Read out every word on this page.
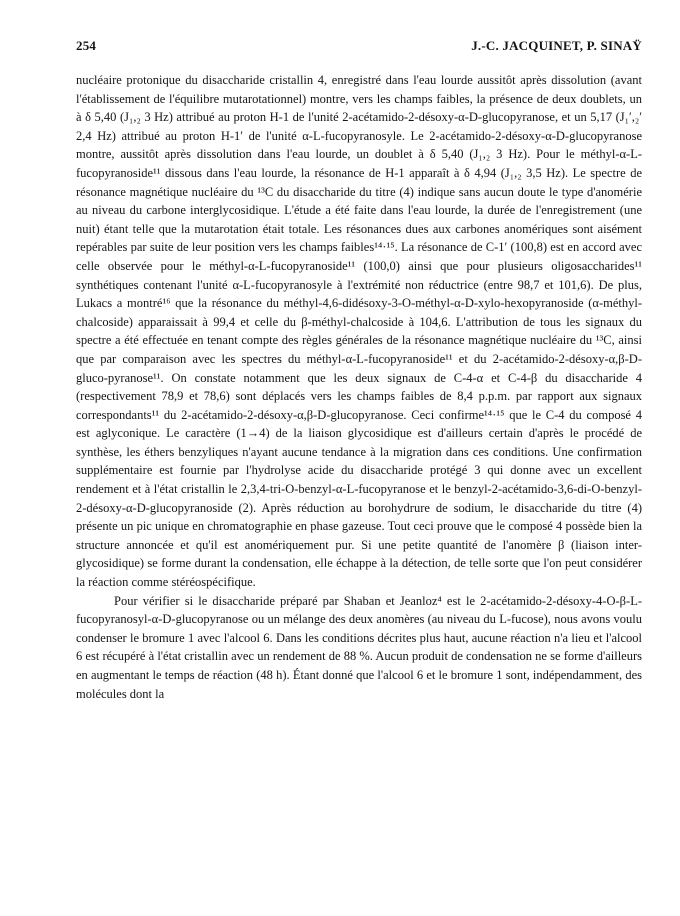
254	J.-C. JACQUINET, P. SINAŸ

nucléaire protonique du disaccharide cristallin 4, enregistré dans l'eau lourde aussitôt après dissolution (avant l'établissement de l'équilibre mutarotationnel) montre, vers les champs faibles, la présence de deux doublets, un à δ 5,40 (J₁,₂ 3 Hz) attribué au proton H-1 de l'unité 2-acétamido-2-désoxy-α-D-glucopyranose, et un 5,17 (J₁′,₂′ 2,4 Hz) attribué au proton H-1′ de l'unité α-L-fucopyranosyle. Le 2-acétamido-2-désoxy-α-D-glucopyranose montre, aussitôt après dissolution dans l'eau lourde, un doublet à δ 5,40 (J₁,₂ 3 Hz). Pour le méthyl-α-L-fucopyranoside¹¹ dissous dans l'eau lourde, la résonance de H-1 apparaît à δ 4,94 (J₁,₂ 3,5 Hz). Le spectre de résonance magnétique nucléaire du ¹³C du disaccharide du titre (4) indique sans aucun doute le type d'anomérie au niveau du carbone interglycosidique. L'étude a été faite dans l'eau lourde, la durée de l'enregistrement (une nuit) étant telle que la mutarotation était totale. Les résonances dues aux carbones anomériques sont aisément repérables par suite de leur position vers les champs faibles¹⁴·¹⁵. La résonance de C-1′ (100,8) est en accord avec celle observée pour le méthyl-α-L-fucopyranoside¹¹ (100,0) ainsi que pour plusieurs oligosaccharides¹¹ synthétiques contenant l'unité α-L-fucopyranosyle à l'extrémité non réductrice (entre 98,7 et 101,6). De plus, Lukacs a montré¹⁶ que la résonance du méthyl-4,6-didésoxy-3-O-méthyl-α-D-xylo-hexopyranoside (α-méthyl-chalcoside) apparaissait à 99,4 et celle du β-méthyl-chalcoside à 104,6. L'attribution de tous les signaux du spectre a été effectuée en tenant compte des règles générales de la résonance magnétique nucléaire du ¹³C, ainsi que par comparaison avec les spectres du méthyl-α-L-fucopyranoside¹¹ et du 2-acétamido-2-désoxy-α,β-D-gluco-pyranose¹¹. On constate notamment que les deux signaux de C-4-α et C-4-β du disaccharide 4 (respectivement 78,9 et 78,6) sont déplacés vers les champs faibles de 8,4 p.p.m. par rapport aux signaux correspondants¹¹ du 2-acétamido-2-désoxy-α,β-D-glucopyranose. Ceci confirme¹⁴·¹⁵ que le C-4 du composé 4 est aglyconique. Le caractère (1→4) de la liaison glycosidique est d'ailleurs certain d'après le procédé de synthèse, les éthers benzyliques n'ayant aucune tendance à la migration dans ces conditions. Une confirmation supplémentaire est fournie par l'hydrolyse acide du disaccharide protégé 3 qui donne avec un excellent rendement et à l'état cristallin le 2,3,4-tri-O-benzyl-α-L-fucopyranose et le benzyl-2-acétamido-3,6-di-O-benzyl-2-désoxy-α-D-glucopyranoside (2). Après réduction au borohydrure de sodium, le disaccharide du titre (4) présente un pic unique en chromatographie en phase gazeuse. Tout ceci prouve que le composé 4 possède bien la structure annoncée et qu'il est anomériquement pur. Si une petite quantité de l'anomère β (liaison inter-glycosidique) se forme durant la condensation, elle échappe à la détection, de telle sorte que l'on peut considérer la réaction comme stéréospécifique.

Pour vérifier si le disaccharide préparé par Shaban et Jeanloz⁴ est le 2-acétamido-2-désoxy-4-O-β-L-fucopyranosyl-α-D-glucopyranose ou un mélange des deux anomères (au niveau du L-fucose), nous avons voulu condenser le bromure 1 avec l'alcool 6. Dans les conditions décrites plus haut, aucune réaction n'a lieu et l'alcool 6 est récupéré à l'état cristallin avec un rendement de 88 %. Aucun produit de condensation ne se forme d'ailleurs en augmentant le temps de réaction (48 h). Étant donné que l'alcool 6 et le bromure 1 sont, indépendamment, des molécules dont la
